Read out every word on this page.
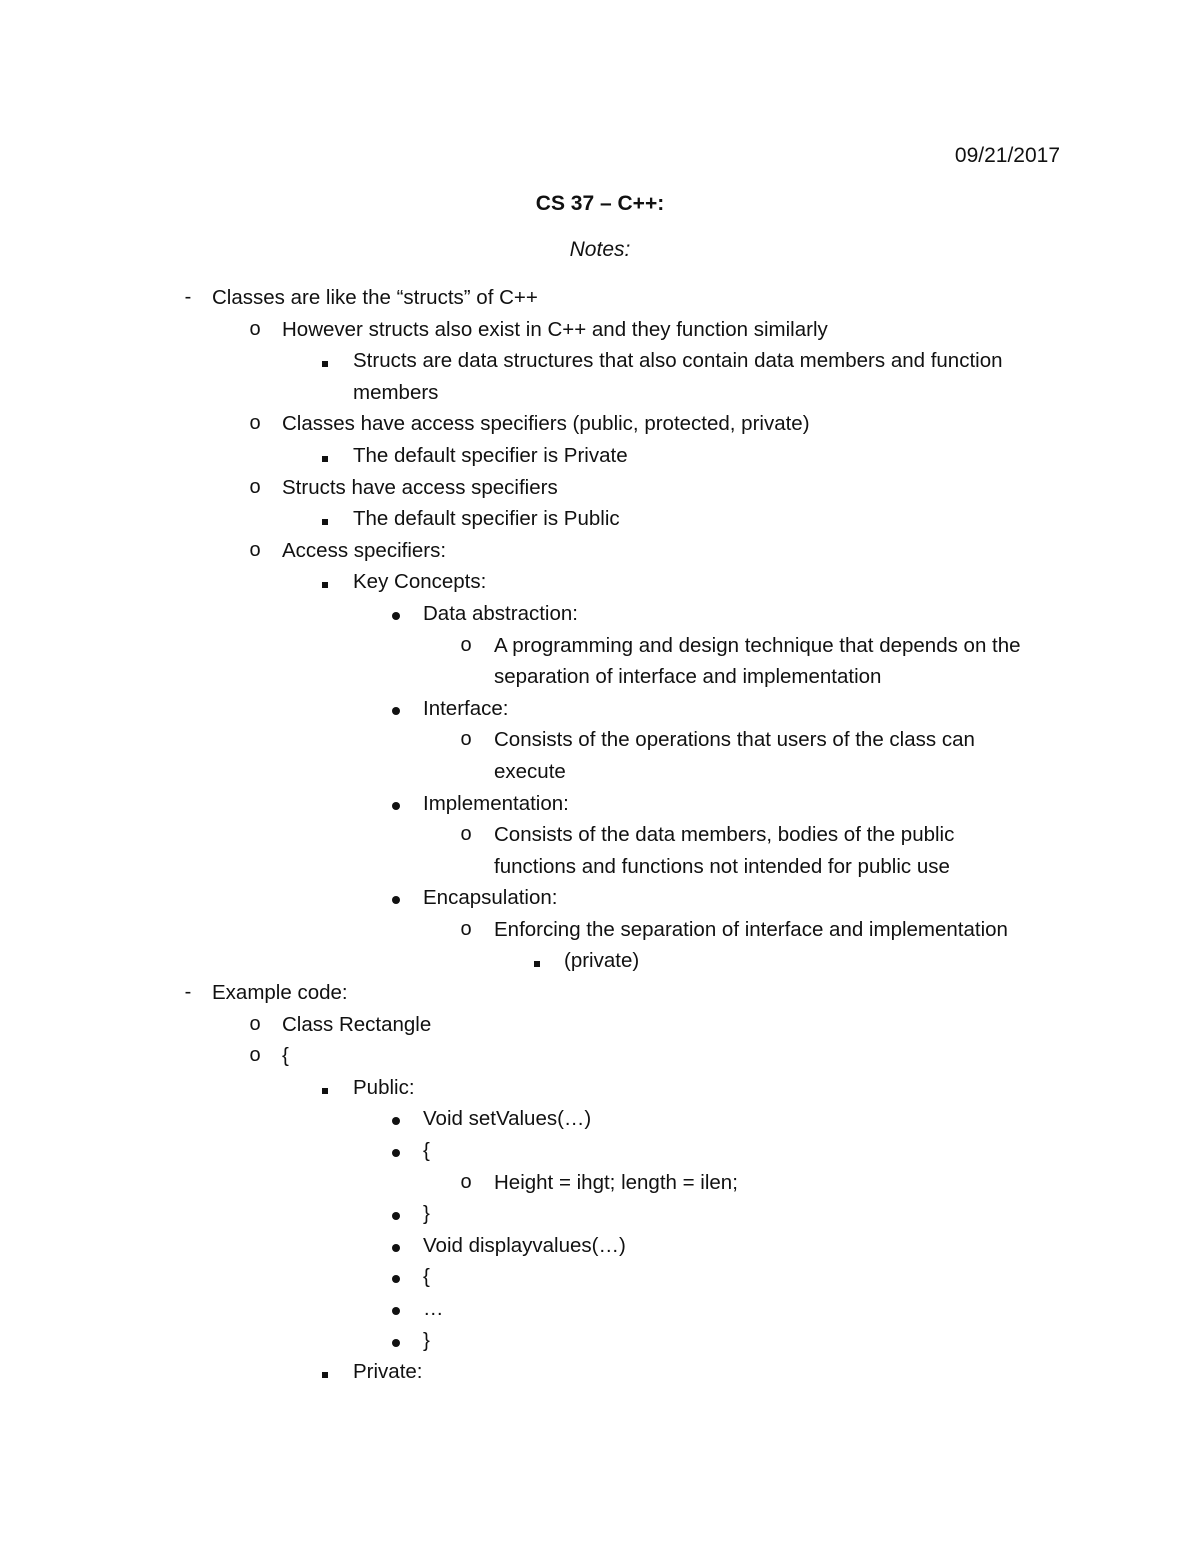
09/21/2017
CS 37 – C++:
Notes:
-	Classes are like the “structs” of C++
o	However structs also exist in C++ and they function similarly
Structs are data structures that also contain data members and function
members
o	Classes have access specifiers (public, protected, private)
The default specifier is Private
o	Structs have access specifiers
The default specifier is Public
o	Access specifiers:
Key Concepts:
Data abstraction:
o	A programming and design technique that depends on the
separation of interface and implementation
Interface:
o	Consists of the operations that users of the class can
execute
Implementation:
o	Consists of the data members, bodies of the public
functions and functions not intended for public use
Encapsulation:
o	Enforcing the separation of interface and implementation
(private)
-	Example code:
o	Class Rectangle
o	{
Public:
Void setValues(…)
{
o	Height = ihgt; length = ilen;
}
Void displayvalues(…)
{
…
}
Private:
